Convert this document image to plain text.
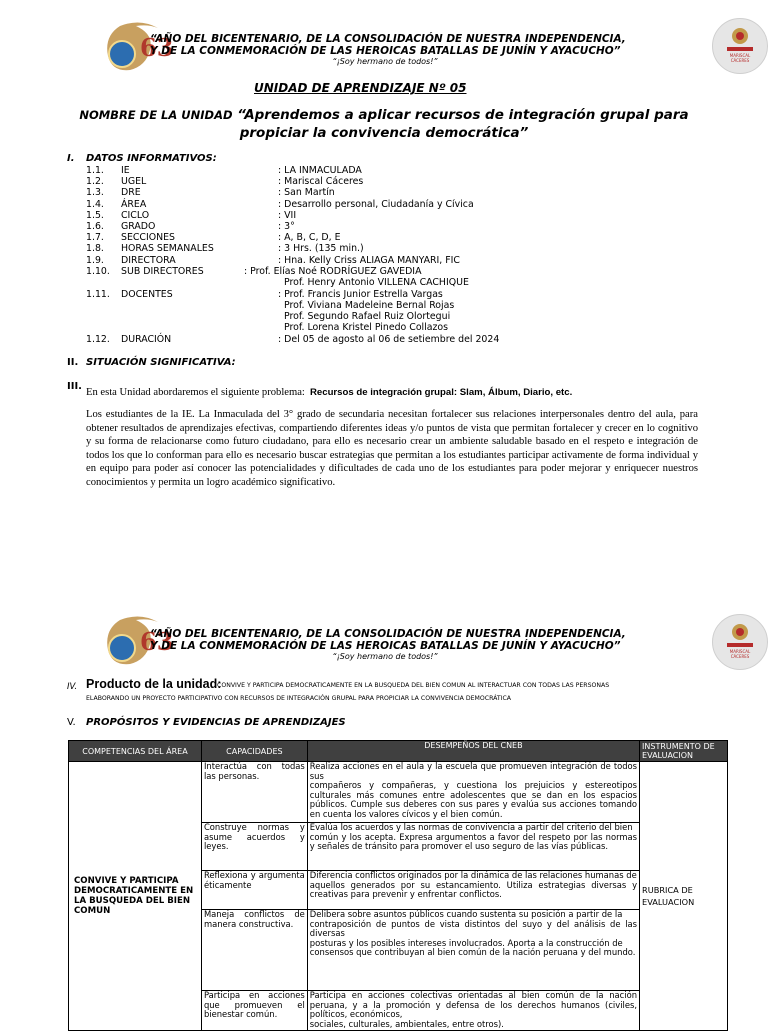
63
“AÑO DEL BICENTENARIO, DE LA CONSOLIDACIÓN DE NUESTRA INDEPENDENCIA,
Y DE LA CONMEMORACIÓN DE LAS HEROICAS BATALLAS DE JUNÍN Y AYACUCHO”
“¡Soy hermano de todos!”
MARISCAL
CÁCERES
UNIDAD DE APRENDIZAJE Nº 05
NOMBRE DE LA UNIDAD “Aprendemos a aplicar recursos de integración grupal para
propiciar la convivencia democrática”
I. DATOS INFORMATIVOS:
1.1. IE	: LA INMACULADA
1.2. UGEL	: Mariscal Cáceres
1.3. DRE	: San Martín
1.4. ÁREA	: Desarrollo personal, Ciudadanía y Cívica
1.5. CICLO	: VII
1.6. GRADO	: 3°
1.7. SECCIONES	: A, B, C, D, E
1.8. HORAS SEMANALES	: 3 Hrs. (135 min.)
1.9. DIRECTORA	: Hna. Kelly Criss ALIAGA MANYARI, FIC
1.10. SUB DIRECTORES	: Prof. Elías Noé RODRÍGUEZ GAVEDIA
Prof. Henry Antonio VILLENA CACHIQUE
1.11. DOCENTES	: Prof. Francis Junior Estrella Vargas
Prof. Viviana Madeleine Bernal Rojas
Prof. Segundo Rafael Ruiz Olortegui
Prof. Lorena Kristel Pinedo Collazos
1.12. DURACIÓN	: Del 05 de agosto al 06 de setiembre del 2024
II. SITUACIÓN SIGNIFICATIVA:
III.
En esta Unidad abordaremos el siguiente problema: Recursos de integración grupal: Slam, Álbum, Diario, etc.
Los estudiantes de la IE. La Inmaculada del 3° grado de secundaria necesitan fortalecer sus relaciones interpersonales dentro del aula, para obtener resultados de aprendizajes efectivas, compartiendo diferentes ideas y/o puntos de vista que permitan fortalecer y crecer en lo cognitivo y su forma de relacionarse como futuro ciudadano, para ello es necesario crear un ambiente saludable basado en el respeto e integración de todos los que lo conforman para ello es necesario buscar estrategias que permitan a los estudiantes participar activamente de forma individual y en equipo para poder así conocer las potencialidades y dificultades de cada uno de los estudiantes para poder mejorar y enriquecer nuestros conocimientos y permita un logro académico significativo.
63
“AÑO DEL BICENTENARIO, DE LA CONSOLIDACIÓN DE NUESTRA INDEPENDENCIA,
Y DE LA CONMEMORACIÓN DE LAS HEROICAS BATALLAS DE JUNÍN Y AYACUCHO”
“¡Soy hermano de todos!”
MARISCAL
CÁCERES
IV. Producto de la unidad:
CONVIVE Y PARTICIPA DEMOCRATICAMENTE EN LA BUSQUEDA DEL BIEN COMUN AL INTERACTUAR CON TODAS LAS PERSONAS
ELABORANDO UN PROYECTO PARTICIPATIVO CON RECURSOS DE INTEGRACIÓN GRUPAL PARA PROPICIAR LA CONVIVENCIA DEMOCRÁTICA
V. PROPÓSITOS Y EVIDENCIAS DE APRENDIZAJES
COMPETENCIAS DEL ÁREA	CAPACIDADES	DESEMPEÑOS DEL CNEB	INSTRUMENTO DE EVALUACION
CONVIVE Y PARTICIPA DEMOCRATICAMENTE EN LA BUSQUEDA DEL BIEN COMUN	Interactúa con todas las personas.	Realiza acciones en el aula y la escuela que promueven integración de todos sus
compañeros y compañeras, y cuestiona los prejuicios y estereotipos culturales más comunes entre adolescentes que se dan en los espacios públicos. Cumple sus deberes con sus pares y evalúa sus acciones tomando en cuenta los valores cívicos y el bien común.	RUBRICA DE EVALUACION
	Construye normas y asume acuerdos y leyes.	Evalúa los acuerdos y las normas de convivencia a partir del criterio del bien
común y los acepta. Expresa argumentos a favor del respeto por las normas y señales de tránsito para promover el uso seguro de las vías públicas.	
	Reflexiona y argumenta éticamente	Diferencia conflictos originados por la dinámica de las relaciones humanas de
aquellos generados por su estancamiento. Utiliza estrategias diversas y creativas para prevenir y enfrentar conflictos.	
	Maneja conflictos de manera constructiva.	Delibera sobre asuntos públicos cuando sustenta su posición a partir de la
contraposición de puntos de vista distintos del suyo y del análisis de las diversas
posturas y los posibles intereses involucrados. Aporta a la construcción de
consensos que contribuyan al bien común de la nación peruana y del mundo.	
	Participa en acciones que promueven el bienestar común.	Participa en acciones colectivas orientadas al bien común de la nación peruana, y a la promoción y defensa de los derechos humanos (civiles, políticos, económicos,
sociales, culturales, ambientales, entre otros).	
